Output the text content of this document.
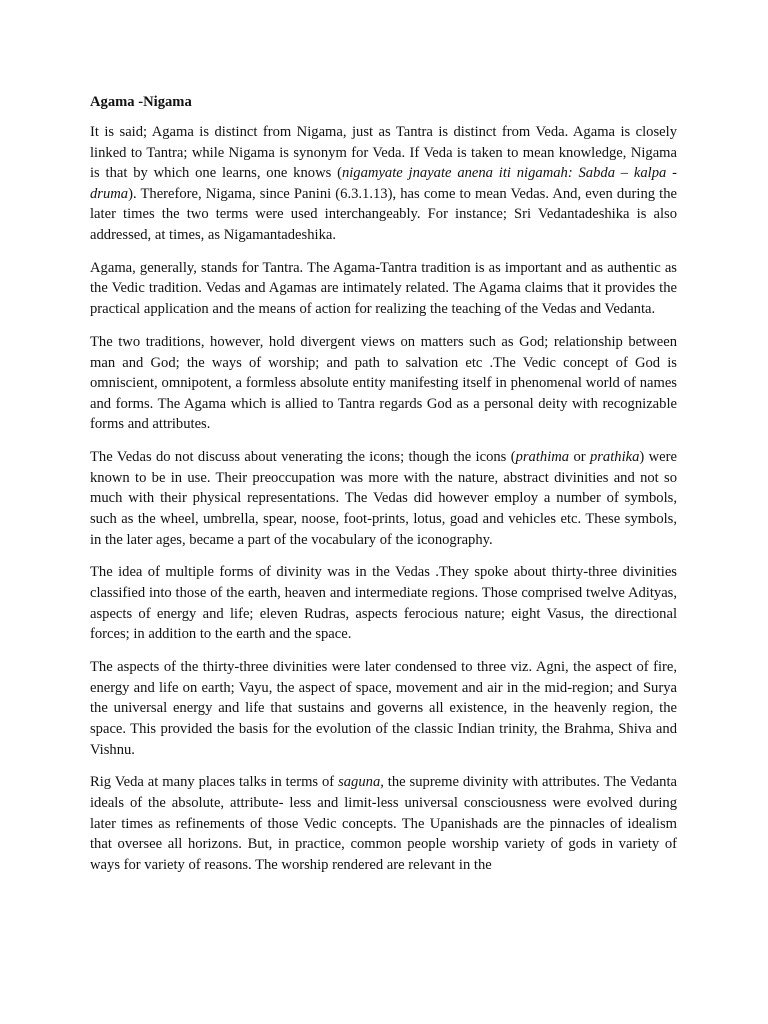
Agama -Nigama

It is said; Agama is distinct from Nigama, just as Tantra is distinct from Veda. Agama is closely linked to Tantra; while Nigama is synonym for Veda. If Veda is taken to mean knowledge, Nigama is that by which one learns, one knows (nigamyate jnayate anena iti nigamah: Sabda – kalpa -druma). Therefore, Nigama, since Panini (6.3.1.13), has come to mean Vedas. And, even during the later times the two terms were used interchangeably. For instance; Sri Vedantadeshika is also addressed, at times, as Nigamantadeshika.

Agama, generally, stands for Tantra. The Agama-Tantra tradition is as important and as authentic as the Vedic tradition. Vedas and Agamas are intimately related. The Agama claims that it provides the practical application and the means of action for realizing the teaching of the Vedas and Vedanta.

The two traditions, however, hold divergent views on matters such as God; relationship between man and God; the ways of worship; and path to salvation etc .The Vedic concept of God is omniscient, omnipotent, a formless absolute entity manifesting itself in phenomenal world of names and forms. The Agama which is allied to Tantra regards God as a personal deity with recognizable forms and attributes.

The Vedas do not discuss about venerating the icons; though the icons (prathima or prathika) were known to be in use. Their preoccupation was more with the nature, abstract divinities and not so much with their physical representations. The Vedas did however employ a number of symbols, such as the wheel, umbrella, spear, noose, foot-prints, lotus, goad and vehicles etc. These symbols, in the later ages, became a part of the vocabulary of the iconography.

The idea of multiple forms of divinity was in the Vedas .They spoke about thirty-three divinities classified into those of the earth, heaven and intermediate regions. Those comprised twelve Adityas, aspects of energy and life; eleven Rudras, aspects ferocious nature; eight Vasus, the directional forces; in addition to the earth and the space.

The aspects of the thirty-three divinities were later condensed to three viz. Agni, the aspect of fire, energy and life on earth; Vayu, the aspect of space, movement and air in the mid-region; and Surya the universal energy and life that sustains and governs all existence, in the heavenly region, the space. This provided the basis for the evolution of the classic Indian trinity, the Brahma, Shiva and Vishnu.

Rig Veda at many places talks in terms of saguna, the supreme divinity with attributes. The Vedanta ideals of the absolute, attribute- less and limit-less universal consciousness were evolved during later times as refinements of those Vedic concepts. The Upanishads are the pinnacles of idealism that oversee all horizons. But, in practice, common people worship variety of gods in variety of ways for variety of reasons. The worship rendered are relevant in the
